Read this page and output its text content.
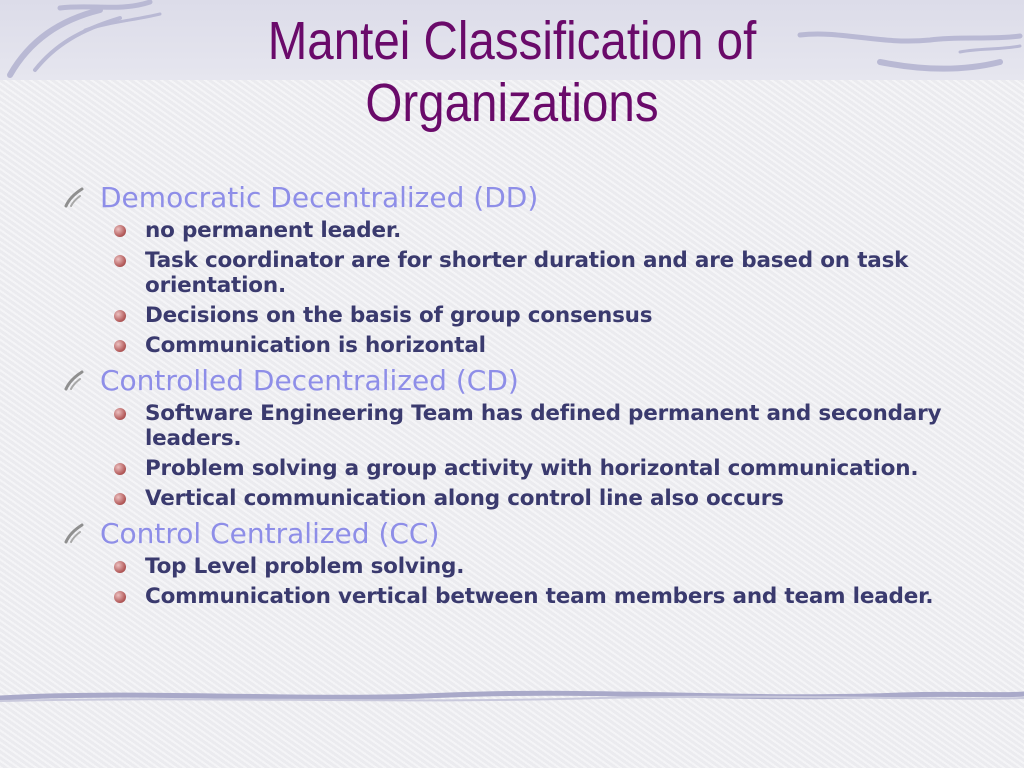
Mantei Classification of Organizations
Democratic Decentralized (DD)
no permanent leader.
Task coordinator are for shorter duration and are based on task orientation.
Decisions on the basis of group consensus
Communication is horizontal
Controlled Decentralized (CD)
Software Engineering Team has defined permanent and secondary leaders.
Problem solving a group activity with horizontal communication.
Vertical communication along control line also occurs
Control Centralized (CC)
Top Level problem solving.
Communication vertical between team members and team leader.
